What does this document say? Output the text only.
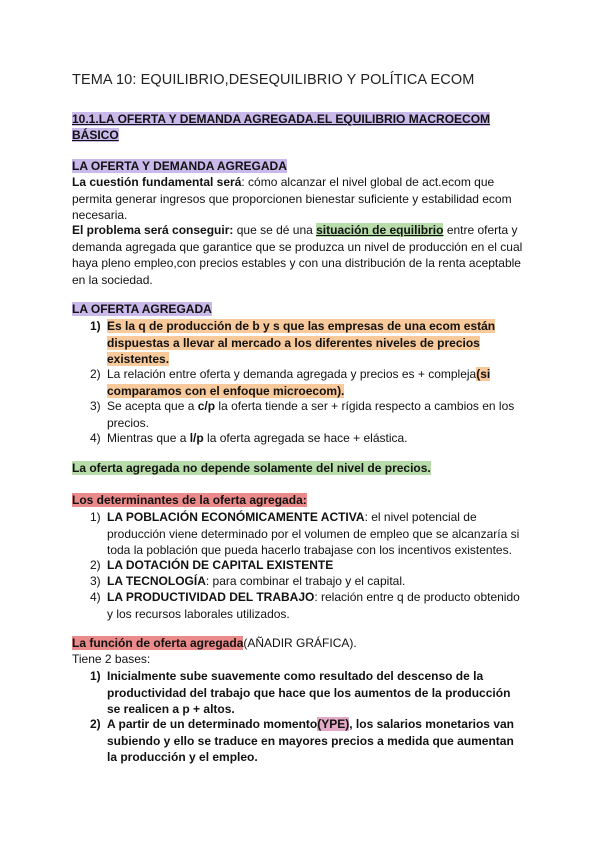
TEMA 10: EQUILIBRIO,DESEQUILIBRIO Y POLÍTICA ECOM
10.1.LA OFERTA Y DEMANDA AGREGADA.EL EQUILIBRIO MACROECOM
BÁSICO
LA OFERTA Y DEMANDA AGREGADA
La cuestión fundamental será: cómo alcanzar el nivel global de act.ecom que
permita generar ingresos que proporcionen bienestar suficiente y estabilidad ecom
necesaria.
El problema será conseguir: que se dé una situación de equilibrio entre oferta y
demanda agregada que garantice que se produzca un nivel de producción en el cual
haya pleno empleo,con precios estables y con una distribución de la renta aceptable
en la sociedad.
LA OFERTA AGREGADA
1) Es la q de producción de b y s que las empresas de una ecom están
dispuestas a llevar al mercado a los diferentes niveles de precios
existentes.
2) La relación entre oferta y demanda agregada y precios es + compleja(si
comparamos con el enfoque microecom).
3) Se acepta que a c/p la oferta tiende a ser + rígida respecto a cambios en los
precios.
4) Mientras que a l/p la oferta agregada se hace + elástica.
La oferta agregada no depende solamente del nivel de precios.
Los determinantes de la oferta agregada:
1) LA POBLACIÓN ECONÓMICAMENTE ACTIVA: el nivel potencial de
producción viene determinado por el volumen de empleo que se alcanzaría si
toda la población que pueda hacerlo trabajase con los incentivos existentes.
2) LA DOTACIÓN DE CAPITAL EXISTENTE
3) LA TECNOLOGÍA: para combinar el trabajo y el capital.
4) LA PRODUCTIVIDAD DEL TRABAJO: relación entre q de producto obtenido
y los recursos laborales utilizados.
La función de oferta agregada(AÑADIR GRÁFICA).
Tiene 2 bases:
1) Inicialmente sube suavemente como resultado del descenso de la
productividad del trabajo que hace que los aumentos de la producción
se realicen a p + altos.
2) A partir de un determinado momento(YPE), los salarios monetarios van
subiendo y ello se traduce en mayores precios a medida que aumentan
la producción y el empleo.
